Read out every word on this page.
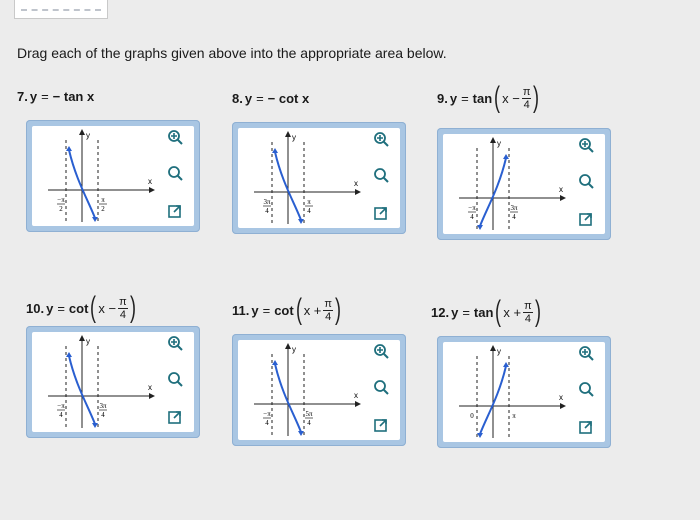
Drag each of the graphs given above into the appropriate area below.
7. y = − tan x	8. y = − cot x	9. y = tan ( $x - \frac{\pi}{4}$ )
10. y = cot ( $x - \frac{\pi}{4}$ )	11. y = cot ( $x + \frac{\pi}{4}$ )	12. y = tan ( $x + \frac{\pi}{4}$ )
x
y
−π
2
π
2
x
y
3π
4
π
4
x
y
−π
4
3π
4
x
y
−π
4
3π
4
x
y
−π
4
5π
4
x
y
0	π
